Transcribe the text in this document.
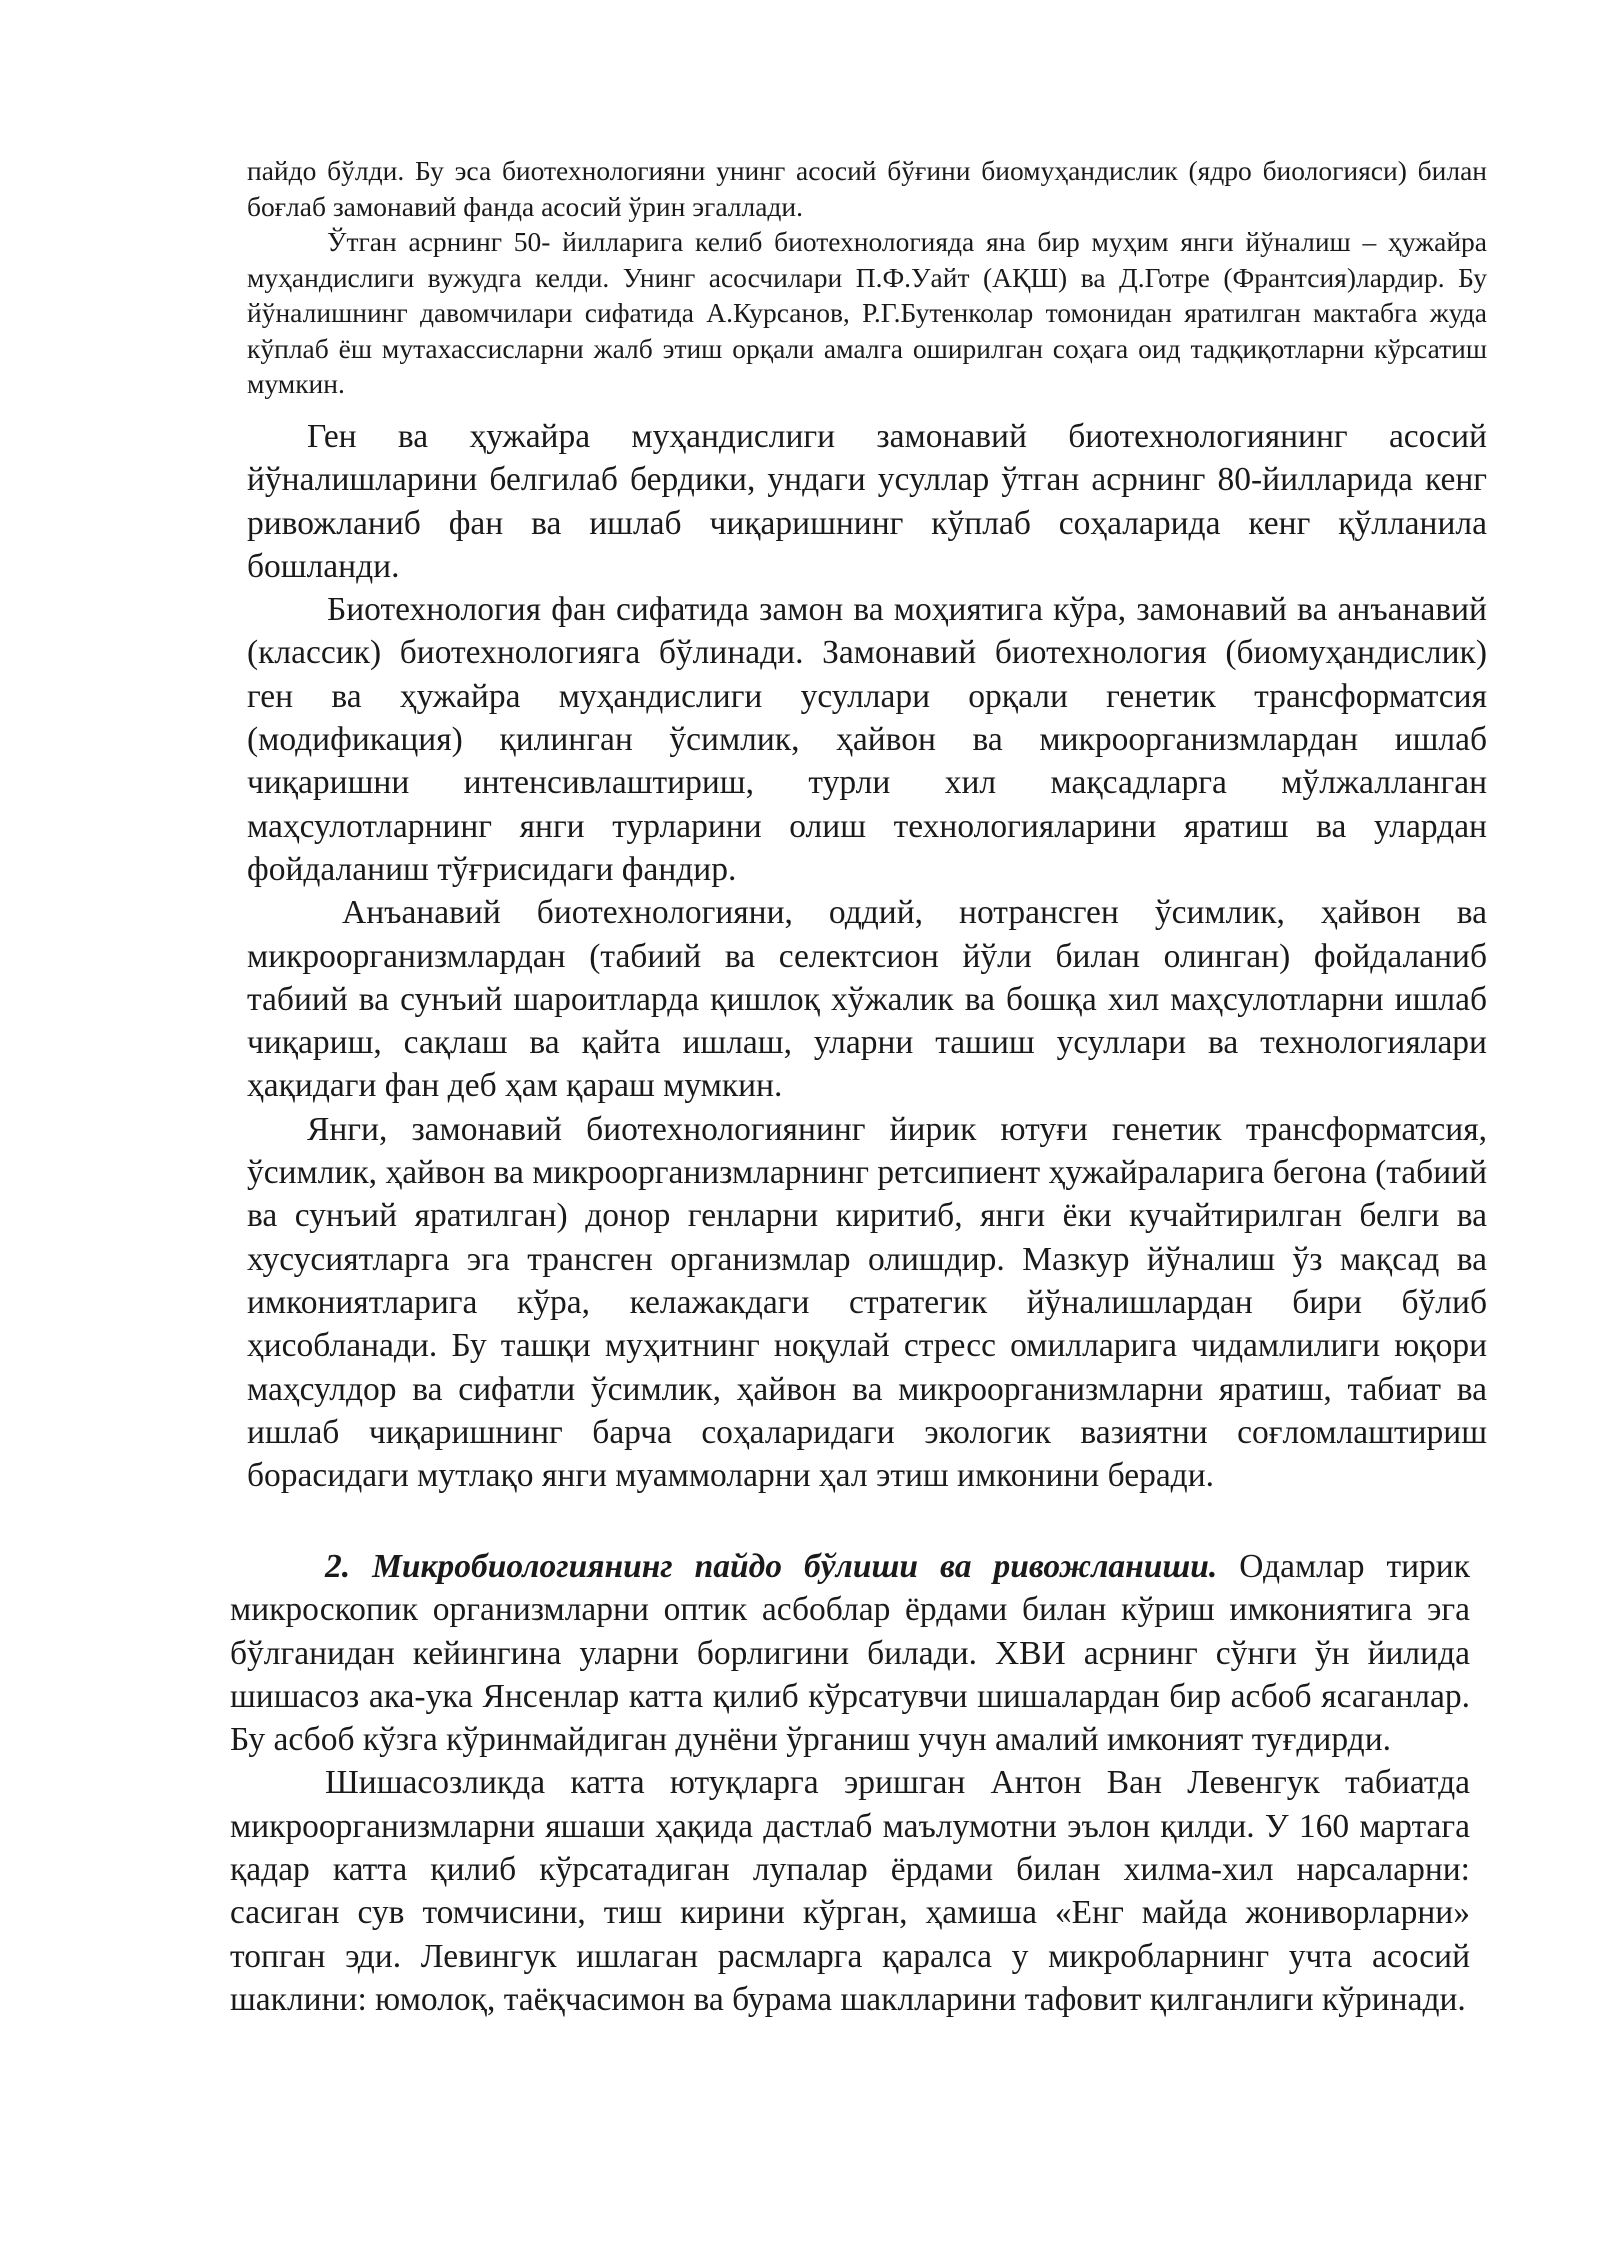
пайдо бўлди. Бу эса биотехнологияни унинг асосий бўғини биомуҳандислик (ядро биологияси) билан боғлаб замонавий фанда асосий ўрин эгаллади.

Ўтган асрнинг 50- йилларига келиб биотехнологияда яна бир муҳим янги йўналиш – ҳужайра муҳандислиги вужудга келди. Унинг асосчилари П.Ф.Уайт (АҚШ) ва Д.Готре (Франтсия)лардир. Бу йўналишнинг давомчилари сифатида А.Курсанов, Р.Г.Бутенколар томонидан яратилган мактабга жуда кўплаб ёш мутахассисларни жалб этиш орқали амалга оширилган соҳага оид тадқиқотларни кўрсатиш мумкин.

Ген ва ҳужайра муҳандислиги замонавий биотехнологиянинг асосий йўналишларини белгилаб бердики, ундаги усуллар ўтган асрнинг 80-йилларида кенг ривожланиб фан ва ишлаб чиқаришнинг кўплаб соҳаларида кенг қўлланила бошланди.

Биотехнология фан сифатида замон ва моҳиятига кўра, замонавий ва анъанавий (классик) биотехнологияга бўлинади. Замонавий биотехнология (биомуҳандислик) ген ва ҳужайра муҳандислиги усуллари орқали генетик трансформатсия (модификация) қилинган ўсимлик, ҳайвон ва микроорганизмлардан ишлаб чиқаришни интенсивлаштириш, турли хил мақсадларга мўлжалланган маҳсулотларнинг янги турларини олиш технологияларини яратиш ва улардан фойдаланиш тўғрисидаги фандир.

Анъанавий биотехнологияни, оддий, нотрансген ўсимлик, ҳайвон ва микроорганизмлардан (табиий ва селектсион йўли билан олинган) фойдаланиб табиий ва сунъий шароитларда қишлоқ хўжалик ва бошқа хил маҳсулотларни ишлаб чиқариш, сақлаш ва қайта ишлаш, уларни ташиш усуллари ва технологиялари ҳақидаги фан деб ҳам қараш мумкин.

Янги, замонавий биотехнологиянинг йирик ютуғи генетик трансформатсия, ўсимлик, ҳайвон ва микроорганизмларнинг ретсипиент ҳужайраларига бегона (табиий ва сунъий яратилган) донор генларни киритиб, янги ёки кучайтирилган белги ва хусусиятларга эга трансген организмлар олишдир. Мазкур йўналиш ўз мақсад ва имкониятларига кўра, келажакдаги стратегик йўналишлардан бири бўлиб ҳисобланади. Бу ташқи муҳитнинг ноқулай стресс омилларига чидамлилиги юқори маҳсулдор ва сифатли ўсимлик, ҳайвон ва микроорганизмларни яратиш, табиат ва ишлаб чиқаришнинг барча соҳаларидаги экологик вазиятни соғломлаштириш борасидаги мутлақо янги муаммоларни ҳал этиш имконини беради.

2. Микробиологиянинг пайдо бўлиши ва ривожланиши. Одамлар тирик микроскопик организмларни оптик асбоблар ёрдами билан кўриш имкониятига эга бўлганидан кейингина уларни борлигини билади. ХВИ асрнинг сўнги ўн йилида шишасоз ака-ука Янсенлар катта қилиб кўрсатувчи шишалардан бир асбоб ясаганлар. Бу асбоб кўзга кўринмайдиган дунёни ўрганиш учун амалий имконият туғдирди.

Шишасозликда катта ютуқларга эришган Антон Ван Левенгук табиатда микроорганизмларни яшаши ҳақида дастлаб маълумотни эълон қилди. У 160 мартага қадар катта қилиб кўрсатадиган лупалар ёрдами билан хилма-хил нарсаларни: сасиган сув томчисини, тиш кирини кўрган, ҳамиша «Енг майда жониворларни» топган эди. Левингук ишлаган расмларга қаралса у микробларнинг учта асосий шаклини: юмолоқ, таёқчасимон ва бурама шаклларини тафовит қилганлиги кўринади.
